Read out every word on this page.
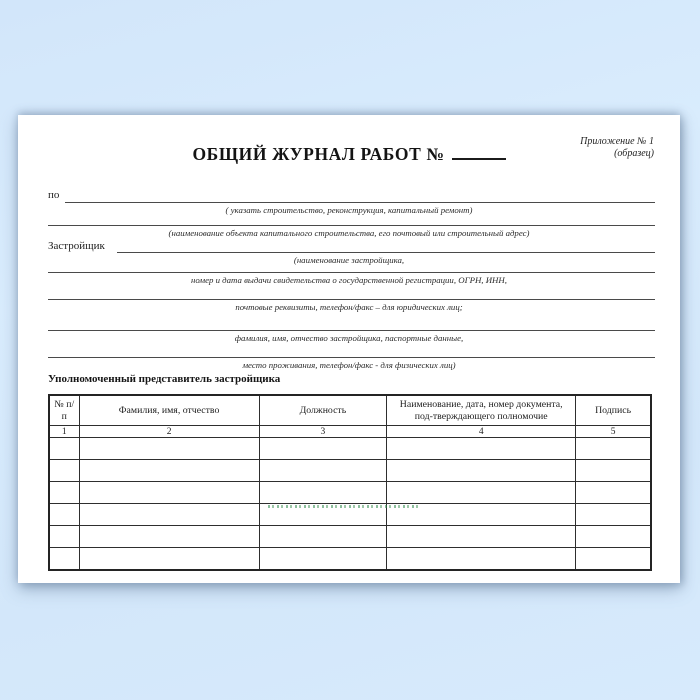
Приложение № 1
(образец)
ОБЩИЙ ЖУРНАЛ РАБОТ №
по
( указать строительство, реконструкция, капитальный ремонт)
(наименование объекта капитального строительства, его почтовый или строительный адрес)
Застройщик
(наименование застройщика,
номер и дата выдачи свидетельства о государственной регистрации, ОГРН, ИНН,
почтовые реквизиты, телефон/факс – для юридических лиц;
фамилия, имя, отчество застройщика, паспортные данные,
место проживания, телефон/факс - для физических лиц)
Уполномоченный представитель застройщика
№ п/п	Фамилия, имя, отчество	Должность	Наименование, дата, номер документа, под-тверждающего полномочие	Подпись
1	2	3	4	5
